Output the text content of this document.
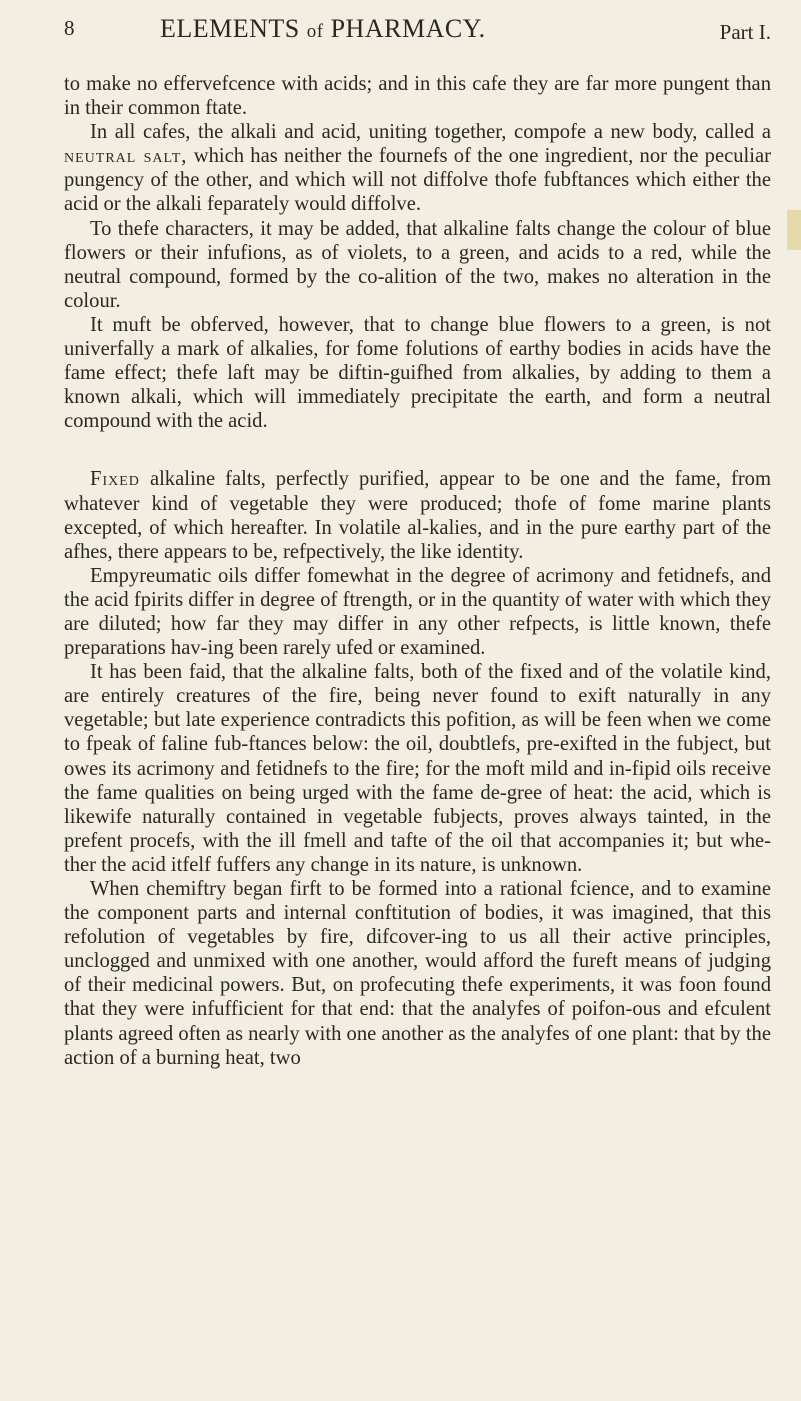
8	ELEMENTS of PHARMACY.	Part I.

to make no effervefcence with acids; and in this cafe they are far more pungent than in their common ftate.

In all cafes, the alkali and acid, uniting together, compofe a new body, called a neutral salt, which has neither the fournefs of the one ingredient, nor the peculiar pungency of the other, and which will not diffolve thofe fubftances which either the acid or the alkali feparately would diffolve.

To thefe characters, it may be added, that alkaline falts change the colour of blue flowers or their infufions, as of violets, to a green, and acids to a red, while the neutral compound, formed by the co-alition of the two, makes no alteration in the colour.

It muft be obferved, however, that to change blue flowers to a green, is not univerfally a mark of alkalies, for fome folutions of earthy bodies in acids have the fame effect; thefe laft may be diftin-guifhed from alkalies, by adding to them a known alkali, which will immediately precipitate the earth, and form a neutral compound with the acid.

Fixed alkaline falts, perfectly purified, appear to be one and the fame, from whatever kind of vegetable they were produced; thofe of fome marine plants excepted, of which hereafter. In volatile al-kalies, and in the pure earthy part of the afhes, there appears to be, refpectively, the like identity.

Empyreumatic oils differ fomewhat in the degree of acrimony and fetidnefs, and the acid fpirits differ in degree of ftrength, or in the quantity of water with which they are diluted; how far they may differ in any other refpects, is little known, thefe preparations hav-ing been rarely ufed or examined.

It has been faid, that the alkaline falts, both of the fixed and of the volatile kind, are entirely creatures of the fire, being never found to exift naturally in any vegetable; but late experience contradicts this pofition, as will be feen when we come to fpeak of faline fub-ftances below: the oil, doubtlefs, pre-exifted in the fubject, but owes its acrimony and fetidnefs to the fire; for the moft mild and in-fipid oils receive the fame qualities on being urged with the fame de-gree of heat: the acid, which is likewife naturally contained in vegetable fubjects, proves always tainted, in the prefent procefs, with the ill fmell and tafte of the oil that accompanies it; but whe-ther the acid itfelf fuffers any change in its nature, is unknown.

When chemiftry began firft to be formed into a rational fcience, and to examine the component parts and internal conftitution of bodies, it was imagined, that this refolution of vegetables by fire, difcover-ing to us all their active principles, unclogged and unmixed with one another, would afford the fureft means of judging of their medicinal powers. But, on profecuting thefe experiments, it was foon found that they were infufficient for that end: that the analyfes of poifon-ous and efculent plants agreed often as nearly with one another as the analyfes of one plant: that by the action of a burning heat, two
